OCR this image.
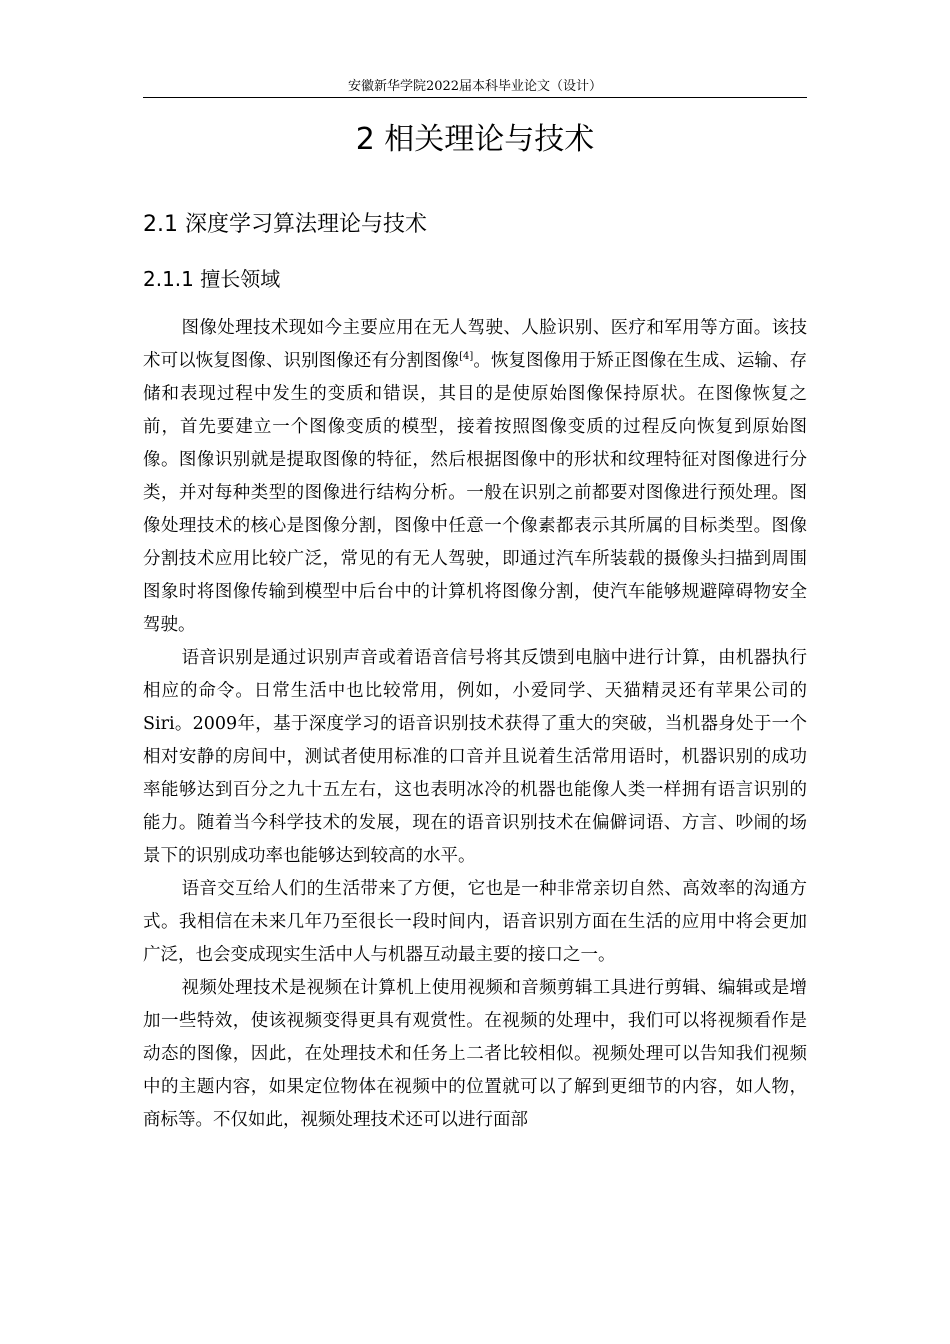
安徽新华学院2022届本科毕业论文（设计）
2 相关理论与技术
2.1 深度学习算法理论与技术
2.1.1 擅长领域

图像处理技术现如今主要应用在无人驾驶、人脸识别、医疗和军用等方面。该技术可以恢复图像、识别图像还有分割图像[4]。恢复图像用于矫正图像在生成、运输、存储和表现过程中发生的变质和错误，其目的是使原始图像保持原状。在图像恢复之前，首先要建立一个图像变质的模型，接着按照图像变质的过程反向恢复到原始图像。图像识别就是提取图像的特征，然后根据图像中的形状和纹理特征对图像进行分类，并对每种类型的图像进行结构分析。一般在识别之前都要对图像进行预处理。图像处理技术的核心是图像分割，图像中任意一个像素都表示其所属的目标类型。图像分割技术应用比较广泛，常见的有无人驾驶，即通过汽车所装载的摄像头扫描到周围图象时将图像传输到模型中后台中的计算机将图像分割，使汽车能够规避障碍物安全驾驶。

语音识别是通过识别声音或着语音信号将其反馈到电脑中进行计算，由机器执行相应的命令。日常生活中也比较常用，例如，小爱同学、天猫精灵还有苹果公司的Siri。2009年，基于深度学习的语音识别技术获得了重大的突破，当机器身处于一个相对安静的房间中，测试者使用标准的口音并且说着生活常用语时，机器识别的成功率能够达到百分之九十五左右，这也表明冰冷的机器也能像人类一样拥有语言识别的能力。随着当今科学技术的发展，现在的语音识别技术在偏僻词语、方言、吵闹的场景下的识别成功率也能够达到较高的水平。

语音交互给人们的生活带来了方便，它也是一种非常亲切自然、高效率的沟通方式。我相信在未来几年乃至很长一段时间内，语音识别方面在生活的应用中将会更加广泛，也会变成现实生活中人与机器互动最主要的接口之一。

视频处理技术是视频在计算机上使用视频和音频剪辑工具进行剪辑、编辑或是增加一些特效，使该视频变得更具有观赏性。在视频的处理中，我们可以将视频看作是动态的图像，因此，在处理技术和任务上二者比较相似。视频处理可以告知我们视频中的主题内容，如果定位物体在视频中的位置就可以了解到更细节的内容，如人物，商标等。不仅如此，视频处理技术还可以进行面部
